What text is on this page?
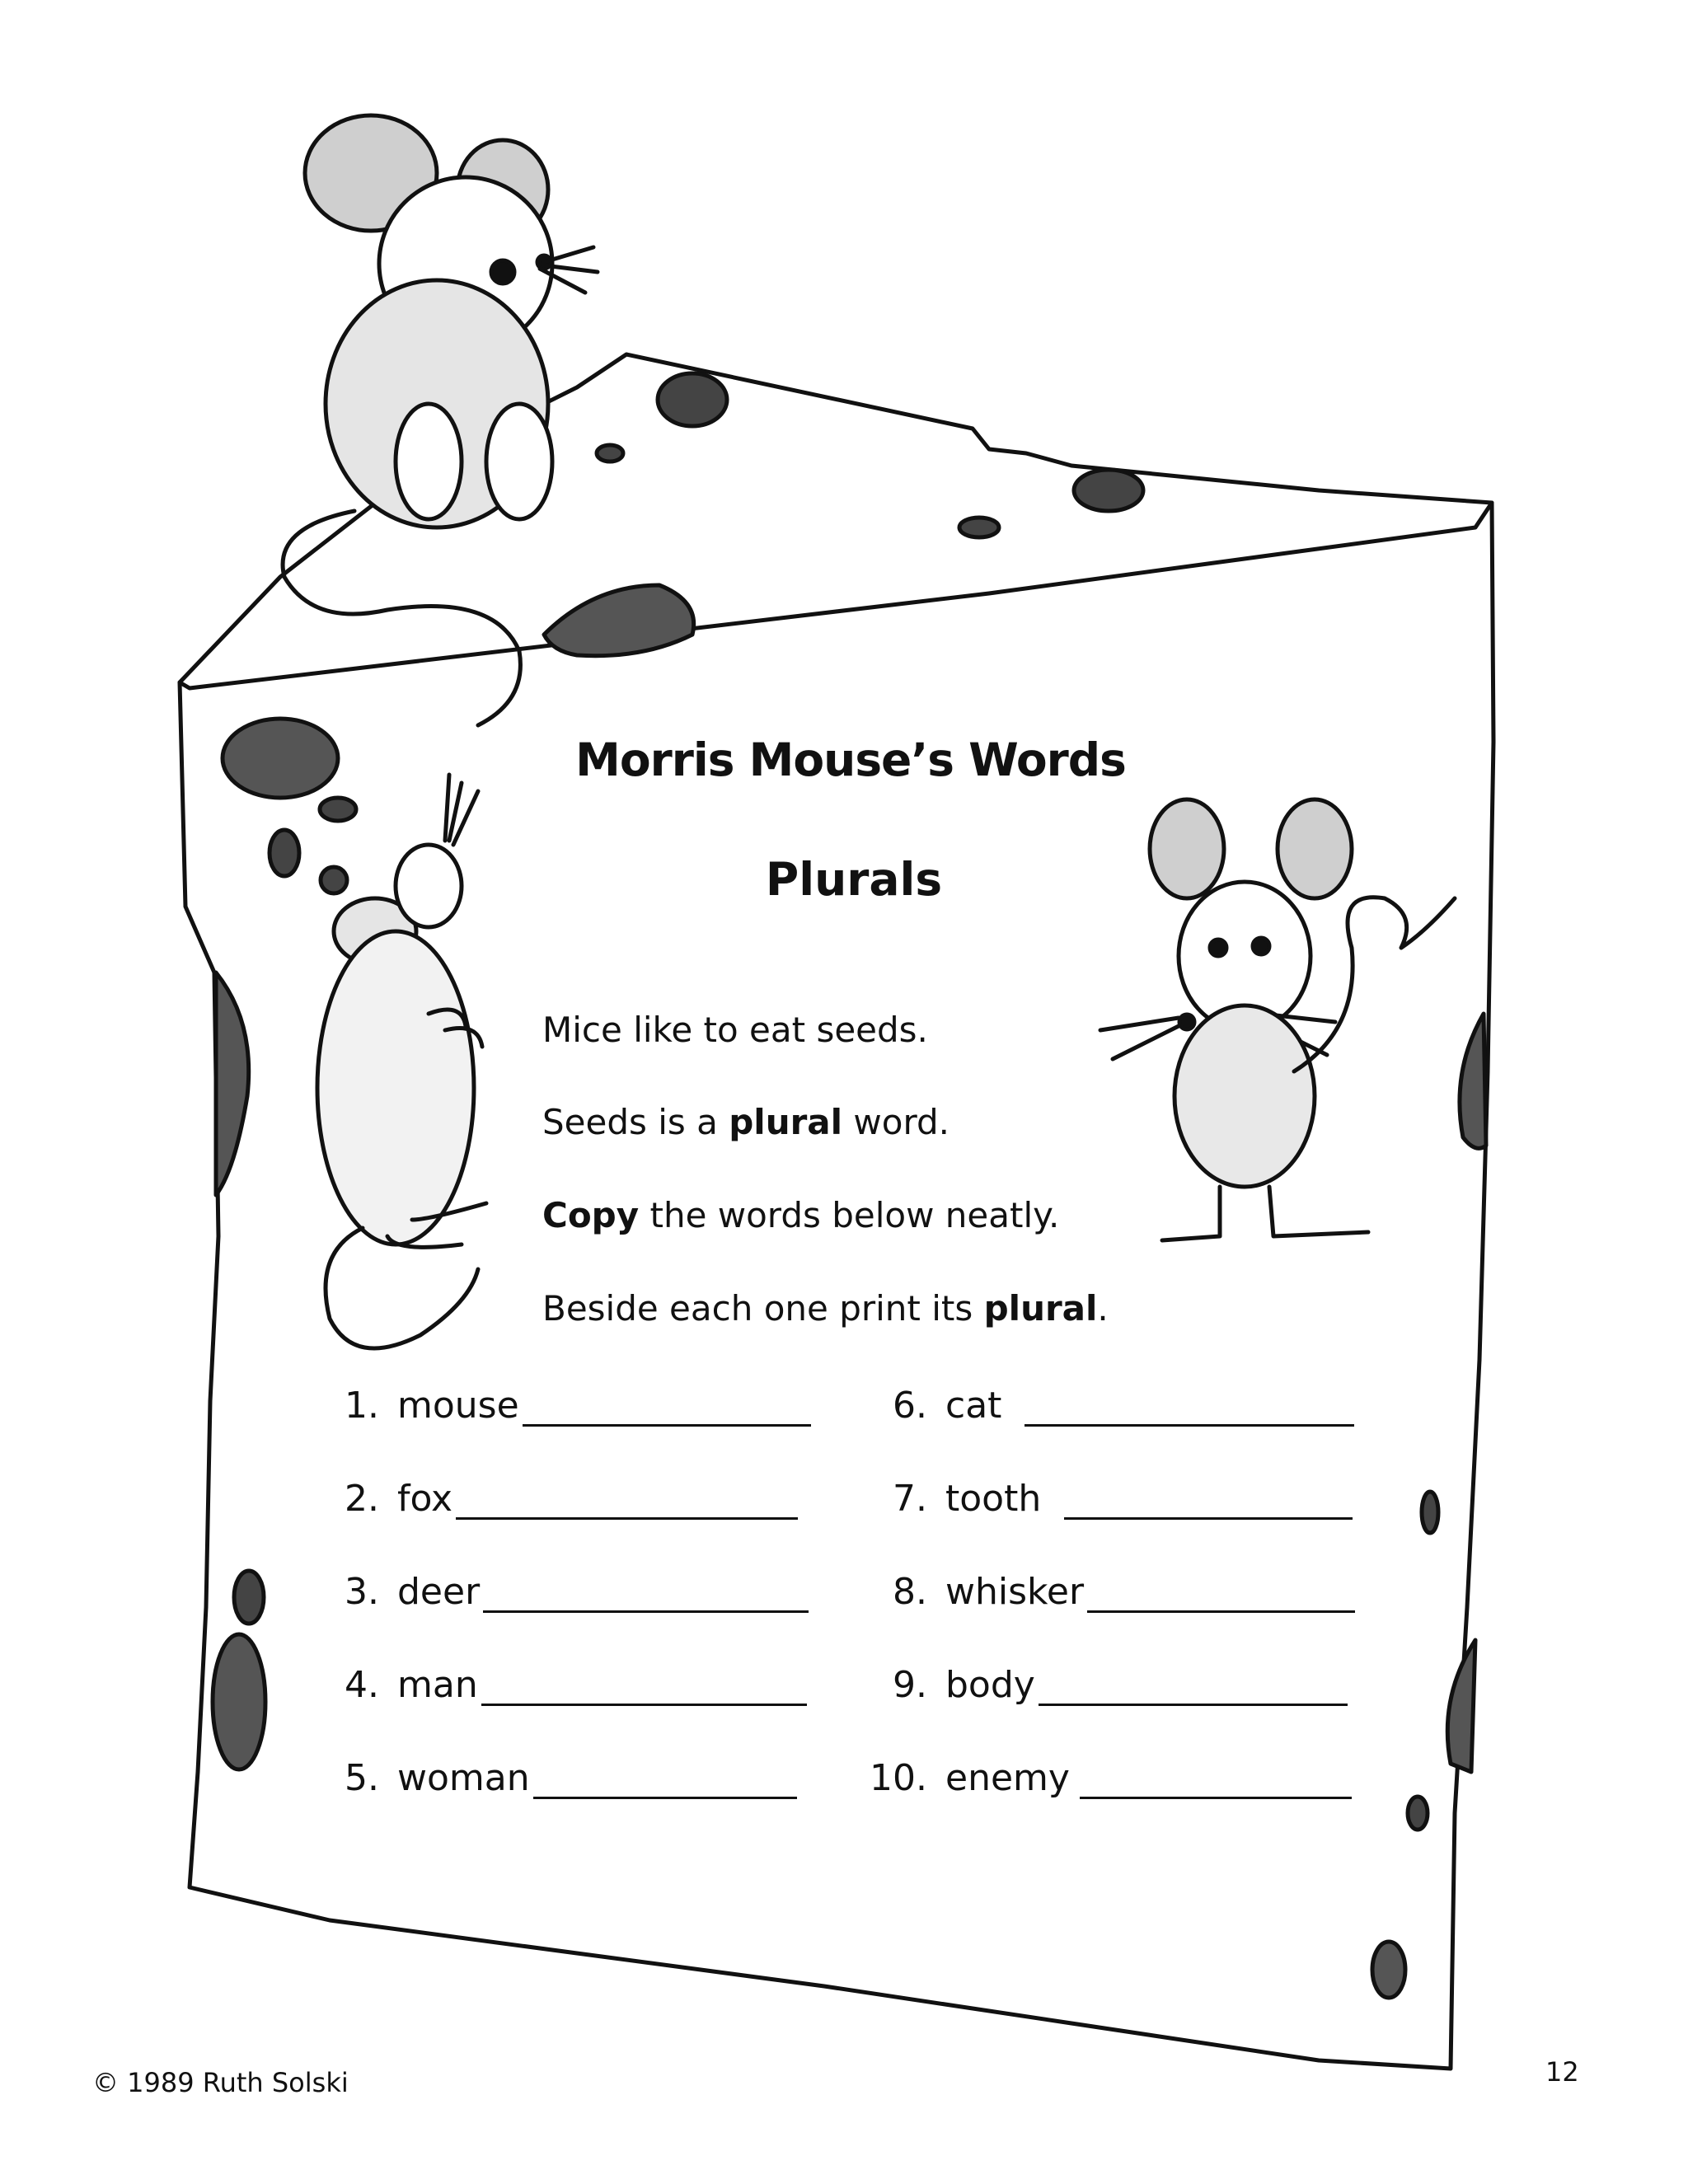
Morris Mouse’s Words
Plurals
Mice like to eat seeds.
Seeds is a plural word.
Copy the words below neatly.
Beside each one print its plural.
1. mouse
2. fox
3. deer
4. man
5. woman
6. cat
7. tooth
8. whisker
9. body
10. enemy
© 1989 Ruth Solski	12
